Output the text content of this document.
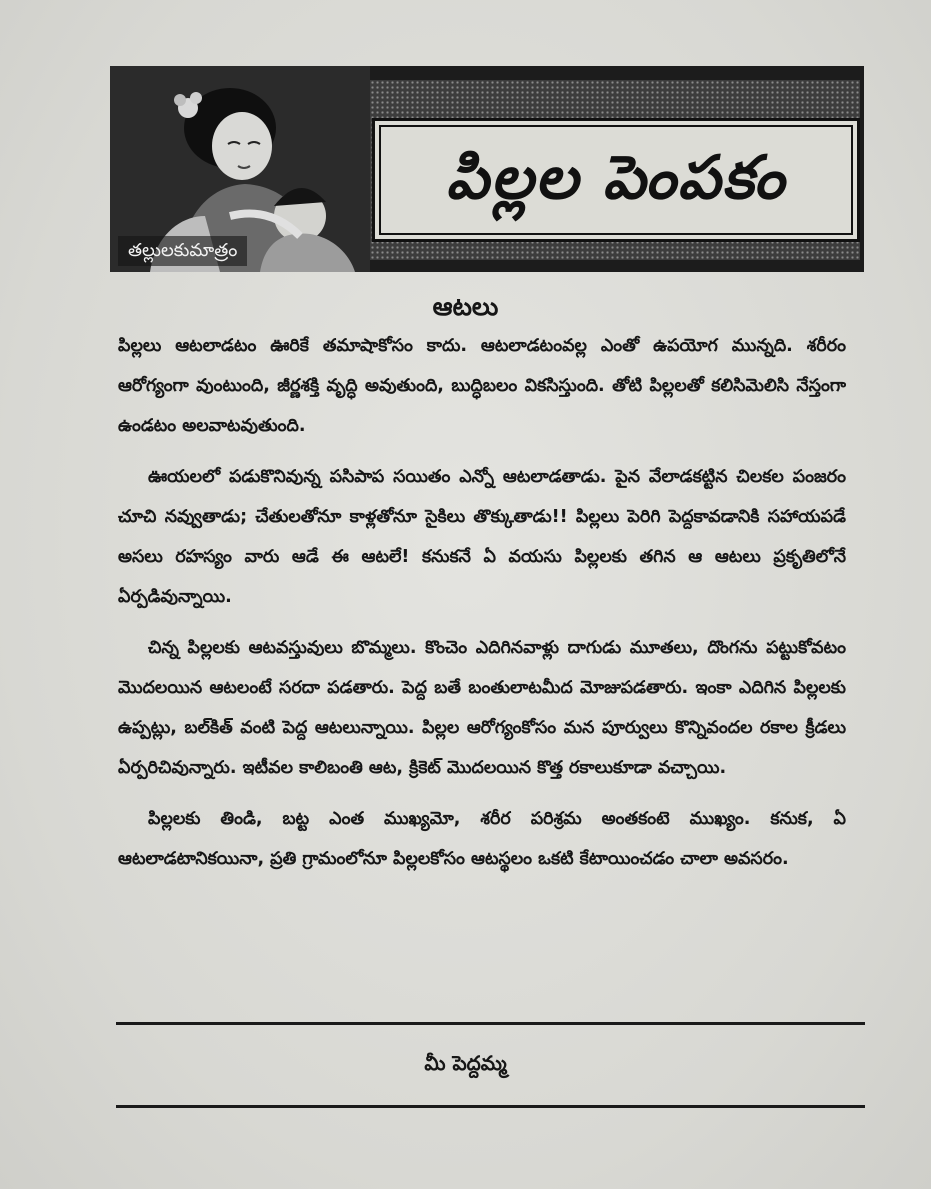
పిల్లల పెంపకం
తల్లులకుమాత్రం
ఆటలు

పిల్లలు ఆటలాడటం ఊరికే తమాషాకోసం కాదు. ఆటలాడటంవల్ల ఎంతో ఉపయోగ మున్నది. శరీరం ఆరోగ్యంగా వుంటుంది, జీర్ణశక్తి వృద్ధి అవుతుంది, బుద్ధిబలం వికసిస్తుంది. తోటి పిల్లలతో కలిసిమెలిసి నేస్తంగా ఉండటం అలవాటవుతుంది.

ఊయలలో పడుకొనివున్న పసిపాప సయితం ఎన్నో ఆటలాడతాడు. పైన వేలాడకట్టిన చిలకల పంజరం చూచి నవ్వుతాడు; చేతులతోనూ కాళ్లతోనూ సైకిలు తొక్కుతాడు!! పిల్లలు పెరిగి పెద్దకావడానికి సహాయపడే అసలు రహస్యం వారు ఆడే ఈ ఆటలే! కనుకనే ఏ వయసు పిల్లలకు తగిన ఆ ఆటలు ప్రకృతిలోనే ఏర్పడివున్నాయి.

చిన్న పిల్లలకు ఆటవస్తువులు బొమ్మలు. కొంచెం ఎదిగినవాళ్లు దాగుడు మూతలు, దొంగను పట్టుకోవటం మొదలయిన ఆటలంటే సరదా పడతారు. పెద్ద బతే బంతులాటమీద మోజుపడతారు. ఇంకా ఎదిగిన పిల్లలకు ఉప్పట్లు, బల్‌కిత్ వంటి పెద్ద ఆటలున్నాయి. పిల్లల ఆరోగ్యంకోసం మన పూర్వులు కొన్నివందల రకాల క్రీడలు ఏర్పరిచివున్నారు. ఇటీవల కాలిబంతి ఆట, క్రికెట్ మొదలయిన కొత్త రకాలుకూడా వచ్చాయి.

పిల్లలకు తిండి, బట్ట ఎంత ముఖ్యమో, శరీర పరిశ్రమ అంతకంటె ముఖ్యం. కనుక, ఏ ఆటలాడటానికయినా, ప్రతి గ్రామంలోనూ పిల్లలకోసం ఆటస్థలం ఒకటి కేటాయించడం చాలా అవసరం.

మీ పెద్దమ్మ
